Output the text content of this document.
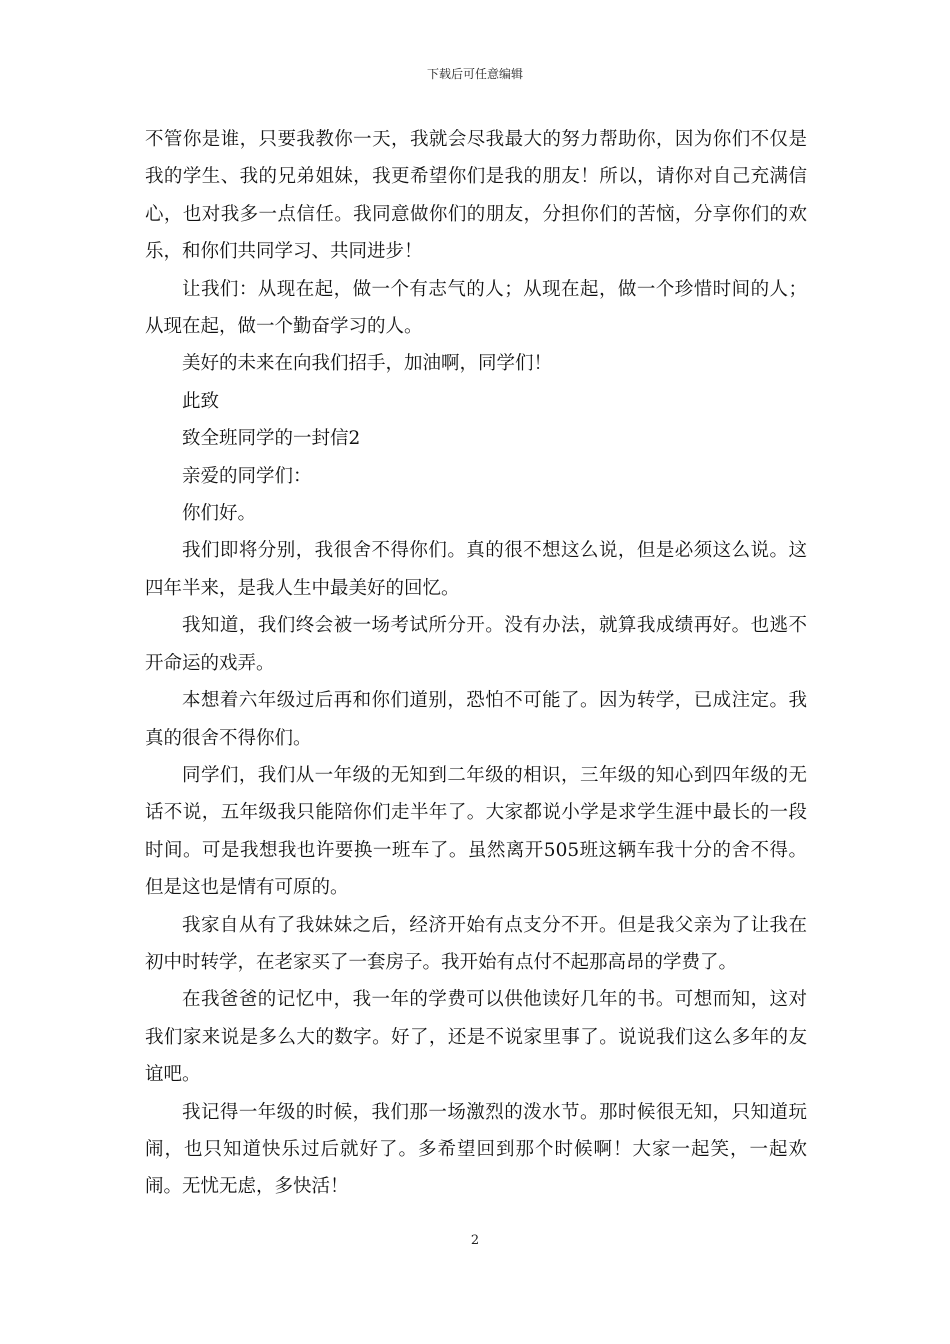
下载后可任意编辑

不管你是谁，只要我教你一天，我就会尽我最大的努力帮助你，因为你们不仅是我的学生、我的兄弟姐妹，我更希望你们是我的朋友！所以，请你对自己充满信心，也对我多一点信任。我同意做你们的朋友，分担你们的苦恼，分享你们的欢乐，和你们共同学习、共同进步！

让我们：从现在起，做一个有志气的人；从现在起，做一个珍惜时间的人；从现在起，做一个勤奋学习的人。

美好的未来在向我们招手，加油啊，同学们！

此致

致全班同学的一封信2

亲爱的同学们：

你们好。

我们即将分别，我很舍不得你们。真的很不想这么说，但是必须这么说。这四年半来，是我人生中最美好的回忆。

我知道，我们终会被一场考试所分开。没有办法，就算我成绩再好。也逃不开命运的戏弄。

本想着六年级过后再和你们道别，恐怕不可能了。因为转学，已成注定。我真的很舍不得你们。

同学们，我们从一年级的无知到二年级的相识，三年级的知心到四年级的无话不说，五年级我只能陪你们走半年了。大家都说小学是求学生涯中最长的一段时间。可是我想我也许要换一班车了。虽然离开505班这辆车我十分的舍不得。但是这也是情有可原的。

我家自从有了我妹妹之后，经济开始有点支分不开。但是我父亲为了让我在初中时转学，在老家买了一套房子。我开始有点付不起那高昂的学费了。

在我爸爸的记忆中，我一年的学费可以供他读好几年的书。可想而知，这对我们家来说是多么大的数字。好了，还是不说家里事了。说说我们这么多年的友谊吧。

我记得一年级的时候，我们那一场激烈的泼水节。那时候很无知，只知道玩闹，也只知道快乐过后就好了。多希望回到那个时候啊！大家一起笑，一起欢闹。无忧无虑，多快活！

2
